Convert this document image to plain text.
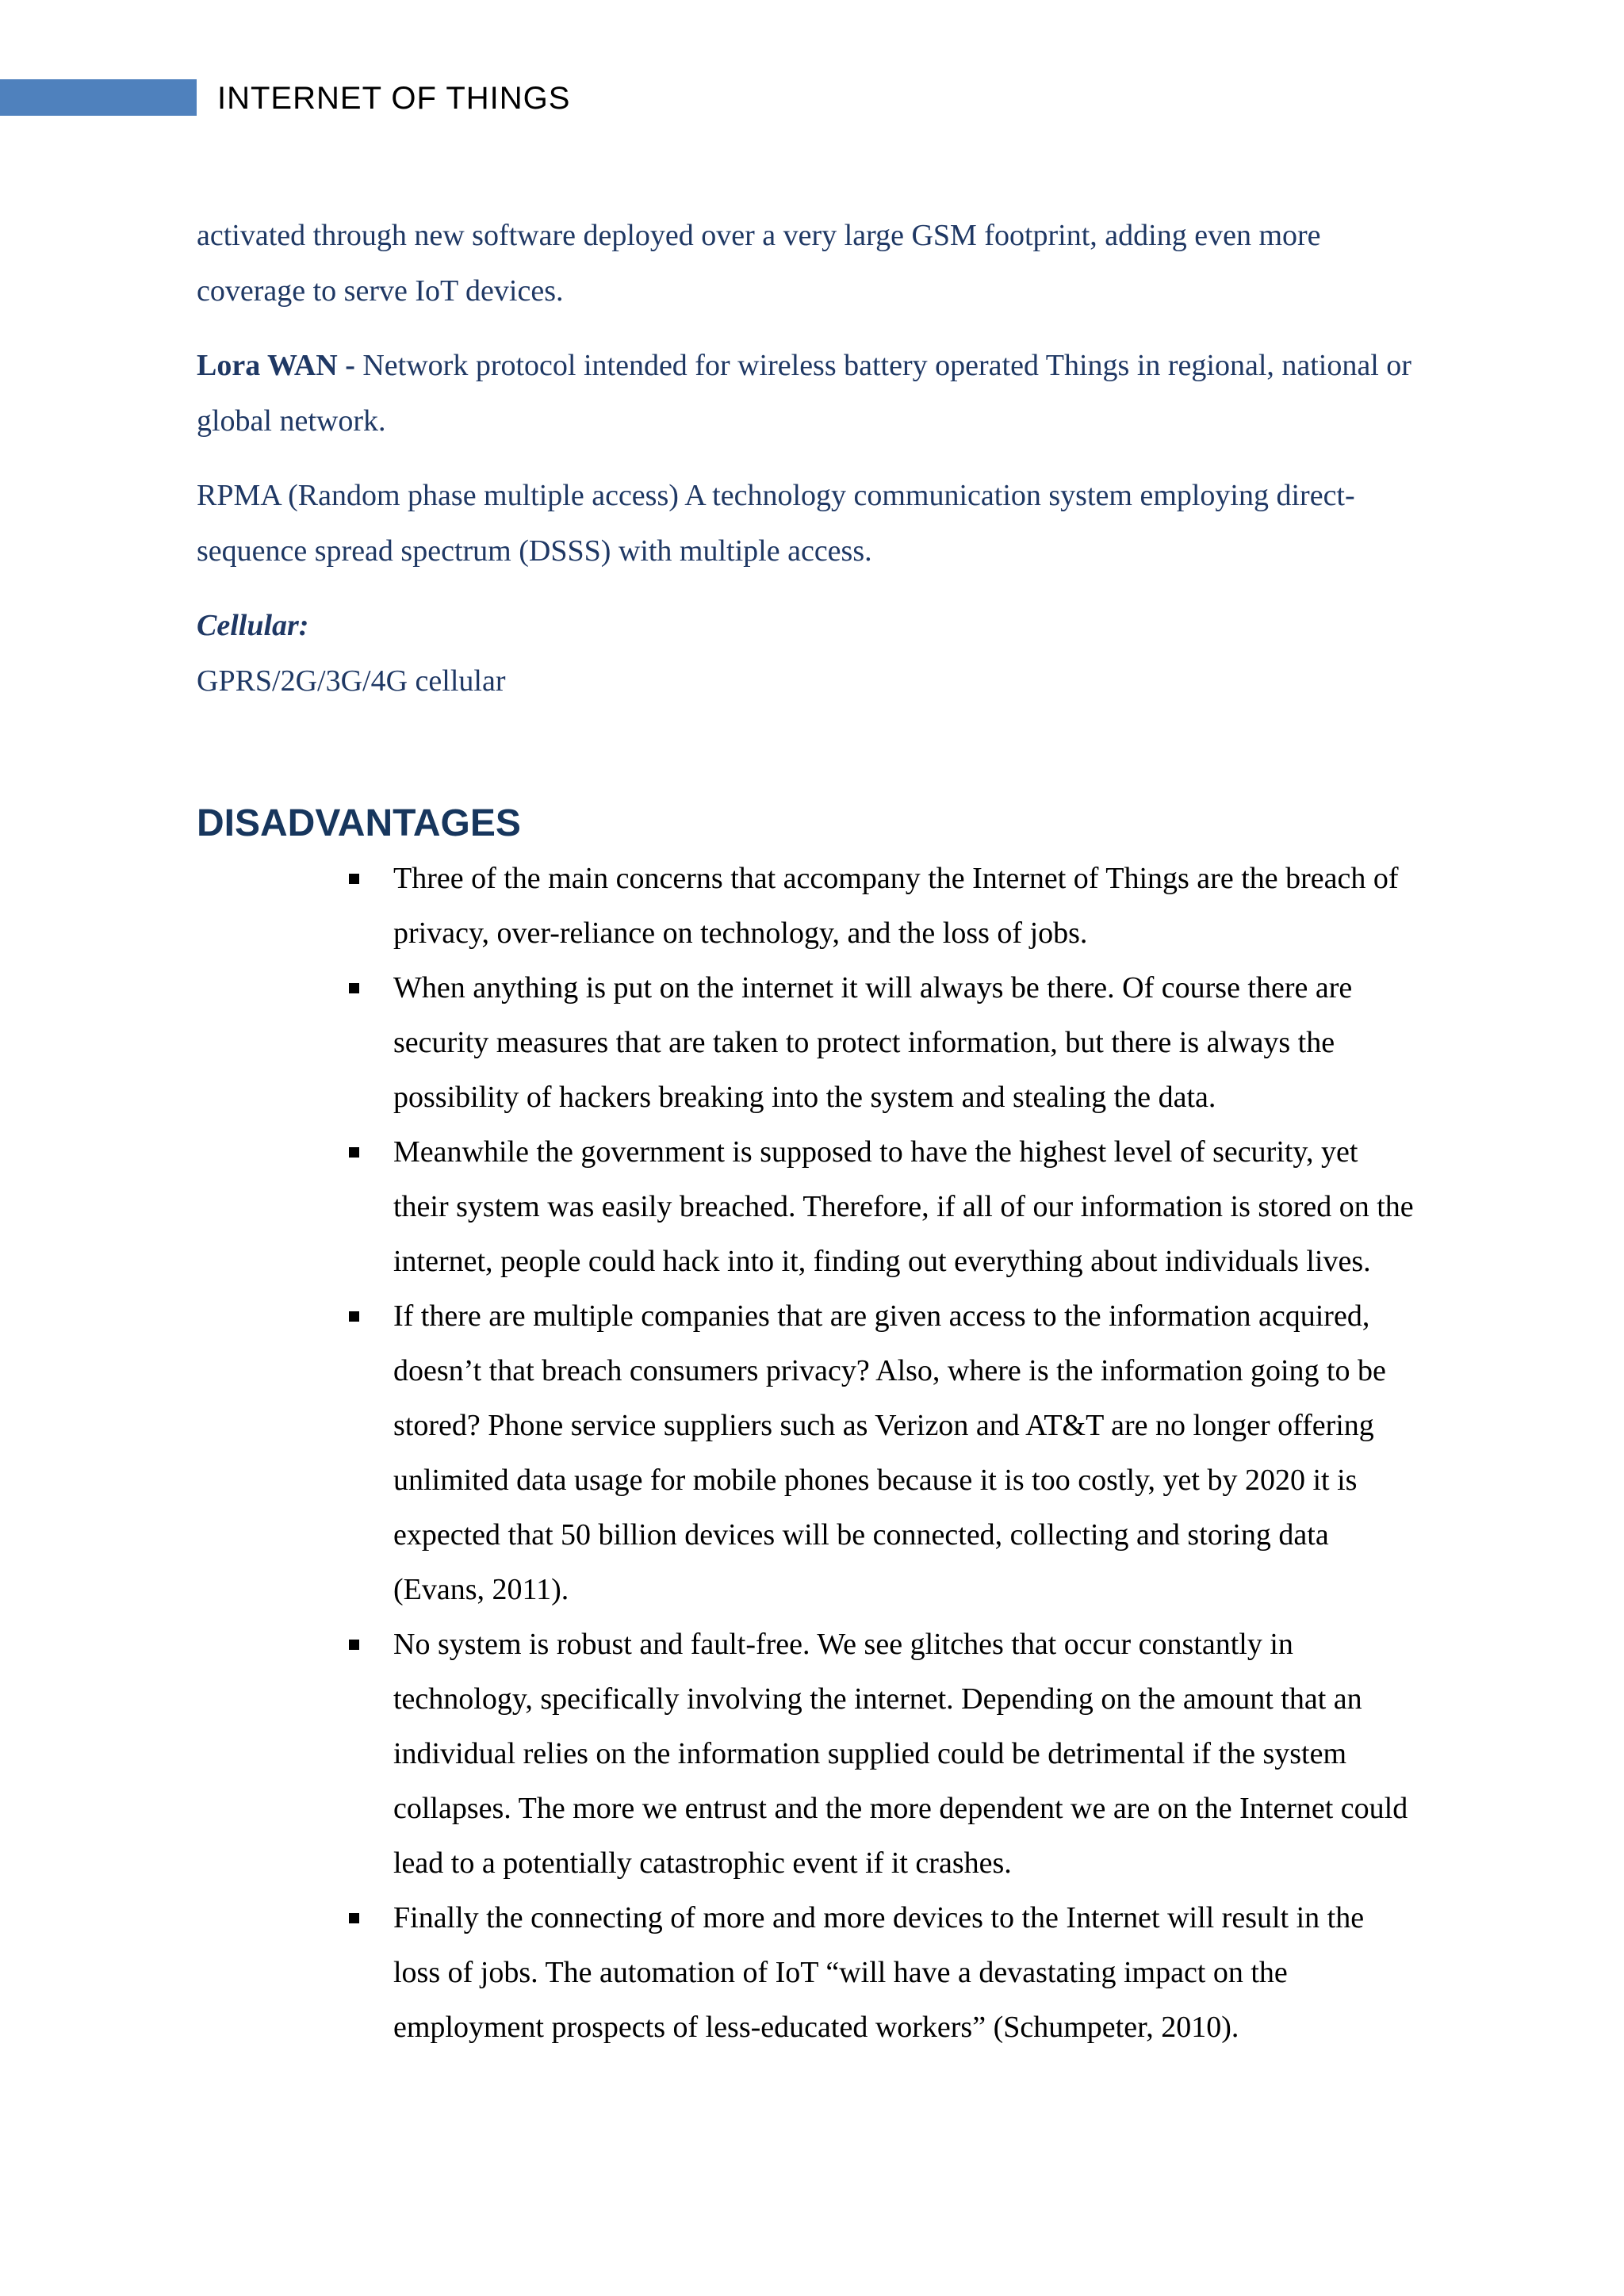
INTERNET OF THINGS

activated through new software deployed over a very large GSM footprint, adding even more coverage to serve IoT devices.

Lora WAN - Network protocol intended for wireless battery operated Things in regional, national or global network.

RPMA (Random phase multiple access) A technology communication system employing direct-sequence spread spectrum (DSSS) with multiple access.

Cellular:

GPRS/2G/3G/4G cellular

DISADVANTAGES
Three of the main concerns that accompany the Internet of Things are the breach of privacy, over-reliance on technology, and the loss of jobs.
When anything is put on the internet it will always be there. Of course there are security measures that are taken to protect information, but there is always the possibility of hackers breaking into the system and stealing the data.
Meanwhile the government is supposed to have the highest level of security, yet their system was easily breached. Therefore, if all of our information is stored on the internet, people could hack into it, finding out everything about individuals lives.
If there are multiple companies that are given access to the information acquired, doesn’t that breach consumers privacy? Also, where is the information going to be stored? Phone service suppliers such as Verizon and AT&T are no longer offering unlimited data usage for mobile phones because it is too costly, yet by 2020 it is expected that 50 billion devices will be connected, collecting and storing data (Evans, 2011).
No system is robust and fault-free. We see glitches that occur constantly in technology, specifically involving the internet. Depending on the amount that an individual relies on the information supplied could be detrimental if the system collapses. The more we entrust and the more dependent we are on the Internet could lead to a potentially catastrophic event if it crashes.
Finally the connecting of more and more devices to the Internet will result in the loss of jobs. The automation of IoT “will have a devastating impact on the employment prospects of less-educated workers” (Schumpeter, 2010).
